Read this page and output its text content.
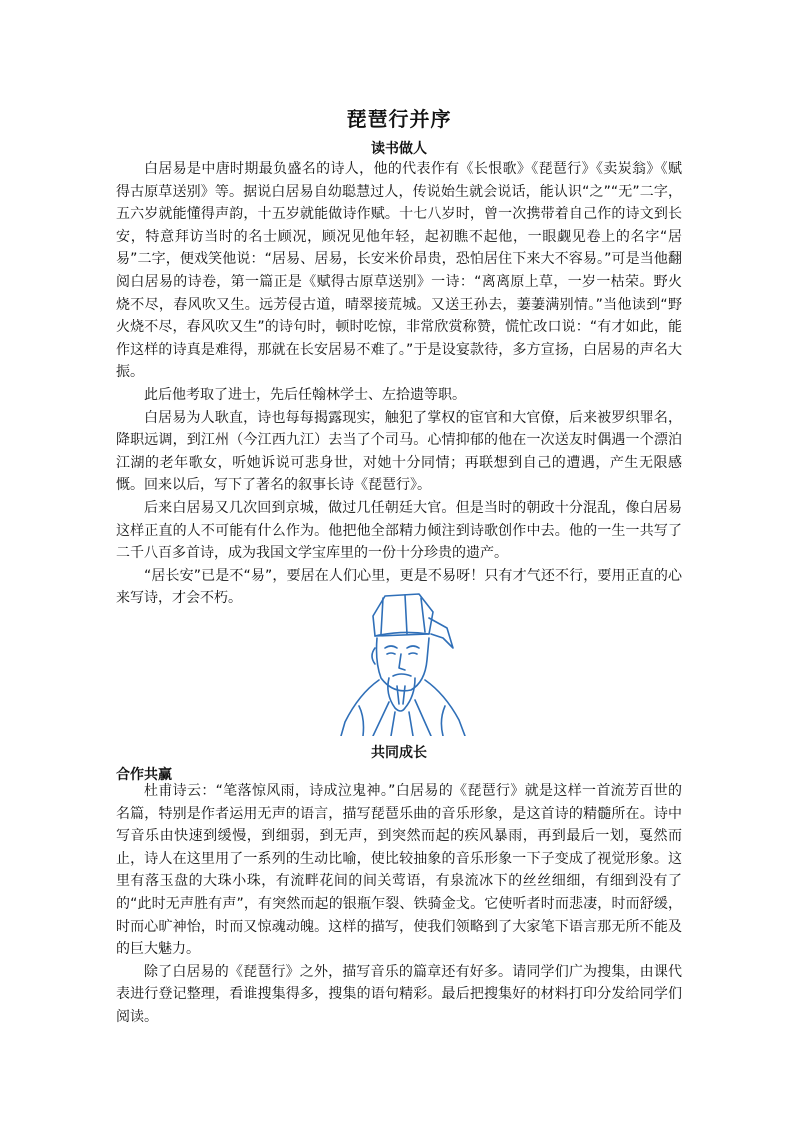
琵琶行并序
读书做人

白居易是中唐时期最负盛名的诗人，他的代表作有《长恨歌》《琵琶行》《卖炭翁》《赋得古原草送别》等。据说白居易自幼聪慧过人，传说始生就会说话，能认识“之”“无”二字，五六岁就能懂得声韵，十五岁就能做诗作赋。十七八岁时，曾一次携带着自己作的诗文到长安，特意拜访当时的名士顾况，顾况见他年轻，起初瞧不起他，一眼觑见卷上的名字“居易”二字，便戏笑他说：“居易、居易，长安米价昂贵，恐怕居住下来大不容易。”可是当他翻阅白居易的诗卷，第一篇正是《赋得古原草送别》一诗：“离离原上草，一岁一枯荣。野火烧不尽，春风吹又生。远芳侵古道，晴翠接荒城。又送王孙去，萋萋满别情。”当他读到“野火烧不尽，春风吹又生”的诗句时，顿时吃惊，非常欣赏称赞，慌忙改口说：“有才如此，能作这样的诗真是难得，那就在长安居易不难了。”于是设宴款待，多方宣扬，白居易的声名大振。

此后他考取了进士，先后任翰林学士、左拾遗等职。

白居易为人耿直，诗也每每揭露现实，触犯了掌权的宦官和大官僚，后来被罗织罪名，降职远调，到江州（今江西九江）去当了个司马。心情抑郁的他在一次送友时偶遇一个漂泊江湖的老年歌女，听她诉说可悲身世，对她十分同情；再联想到自己的遭遇，产生无限感慨。回来以后，写下了著名的叙事长诗《琵琶行》。

后来白居易又几次回到京城，做过几任朝廷大官。但是当时的朝政十分混乱，像白居易这样正直的人不可能有什么作为。他把他全部精力倾注到诗歌创作中去。他的一生一共写了二千八百多首诗，成为我国文学宝库里的一份十分珍贵的遗产。

“居长安”已是不“易”，要居在人们心里，更是不易呀！只有才气还不行，要用正直的心来写诗，才会不朽。

共同成长
合作共赢

杜甫诗云：“笔落惊风雨，诗成泣鬼神。”白居易的《琵琶行》就是这样一首流芳百世的名篇，特别是作者运用无声的语言，描写琵琶乐曲的音乐形象，是这首诗的精髓所在。诗中写音乐由快速到缓慢，到细弱，到无声，到突然而起的疾风暴雨，再到最后一划，戛然而止，诗人在这里用了一系列的生动比喻，使比较抽象的音乐形象一下子变成了视觉形象。这里有落玉盘的大珠小珠，有流畔花间的间关莺语，有泉流冰下的丝丝细细，有细到没有了的“此时无声胜有声”，有突然而起的银瓶乍裂、铁骑金戈。它使听者时而悲凄，时而舒缓，时而心旷神怡，时而又惊魂动魄。这样的描写，使我们领略到了大家笔下语言那无所不能及的巨大魅力。

除了白居易的《琵琶行》之外，描写音乐的篇章还有好多。请同学们广为搜集，由课代表进行登记整理，看谁搜集得多，搜集的语句精彩。最后把搜集好的材料打印分发给同学们阅读。
